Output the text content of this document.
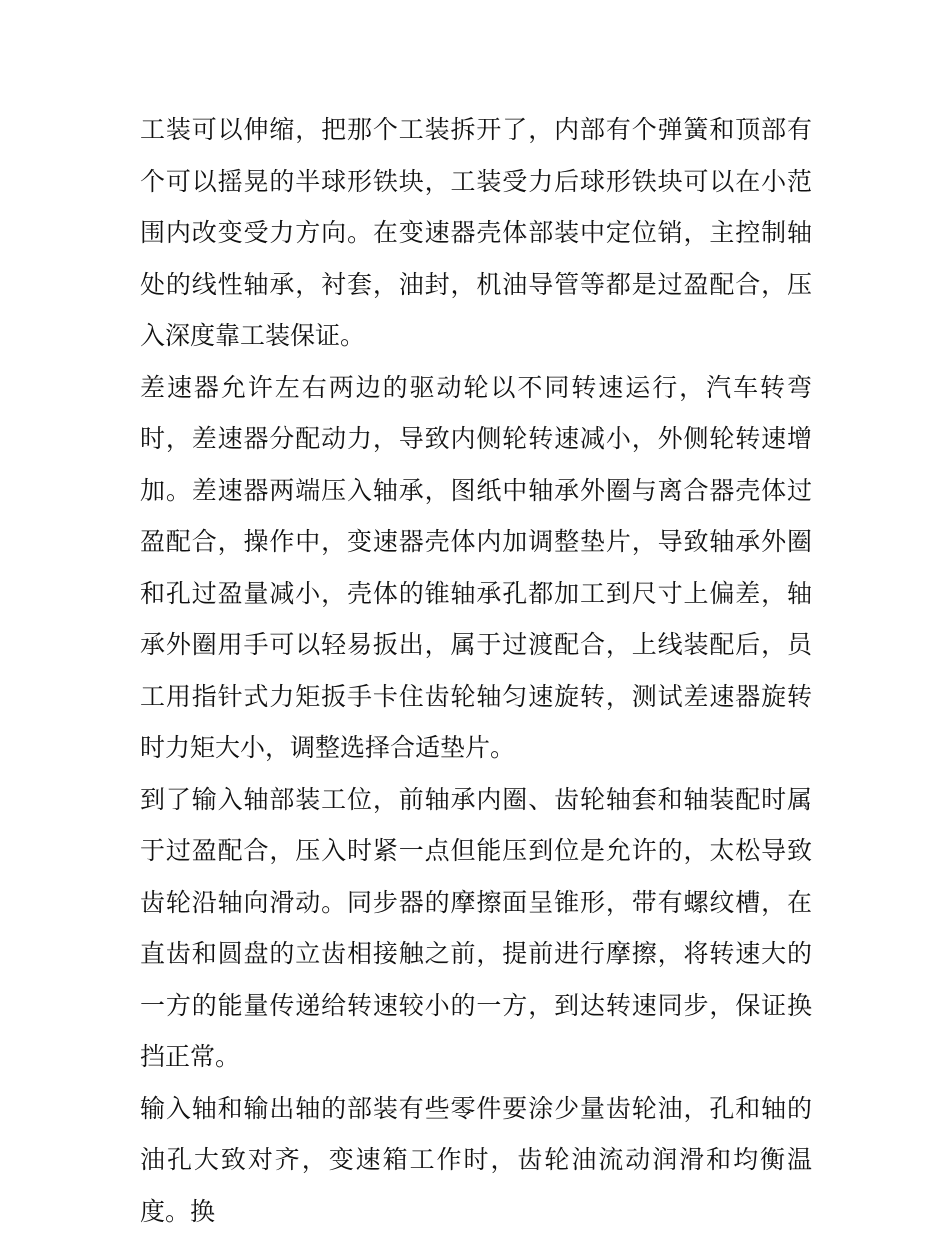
工装可以伸缩，把那个工装拆开了，内部有个弹簧和顶部有个可以摇晃的半球形铁块，工装受力后球形铁块可以在小范围内改变受力方向。在变速器壳体部装中定位销，主控制轴处的线性轴承，衬套，油封，机油导管等都是过盈配合，压入深度靠工装保证。

差速器允许左右两边的驱动轮以不同转速运行，汽车转弯时，差速器分配动力，导致内侧轮转速减小，外侧轮转速增加。差速器两端压入轴承，图纸中轴承外圈与离合器壳体过盈配合，操作中，变速器壳体内加调整垫片，导致轴承外圈和孔过盈量减小，壳体的锥轴承孔都加工到尺寸上偏差，轴承外圈用手可以轻易扳出，属于过渡配合，上线装配后，员工用指针式力矩扳手卡住齿轮轴匀速旋转，测试差速器旋转时力矩大小，调整选择合适垫片。

到了输入轴部装工位，前轴承内圈、齿轮轴套和轴装配时属于过盈配合，压入时紧一点但能压到位是允许的，太松导致齿轮沿轴向滑动。同步器的摩擦面呈锥形，带有螺纹槽，在直齿和圆盘的立齿相接触之前，提前进行摩擦，将转速大的一方的能量传递给转速较小的一方，到达转速同步，保证换挡正常。

输入轴和输出轴的部装有些零件要涂少量齿轮油，孔和轴的油孔大致对齐，变速箱工作时，齿轮油流动润滑和均衡温度。换
